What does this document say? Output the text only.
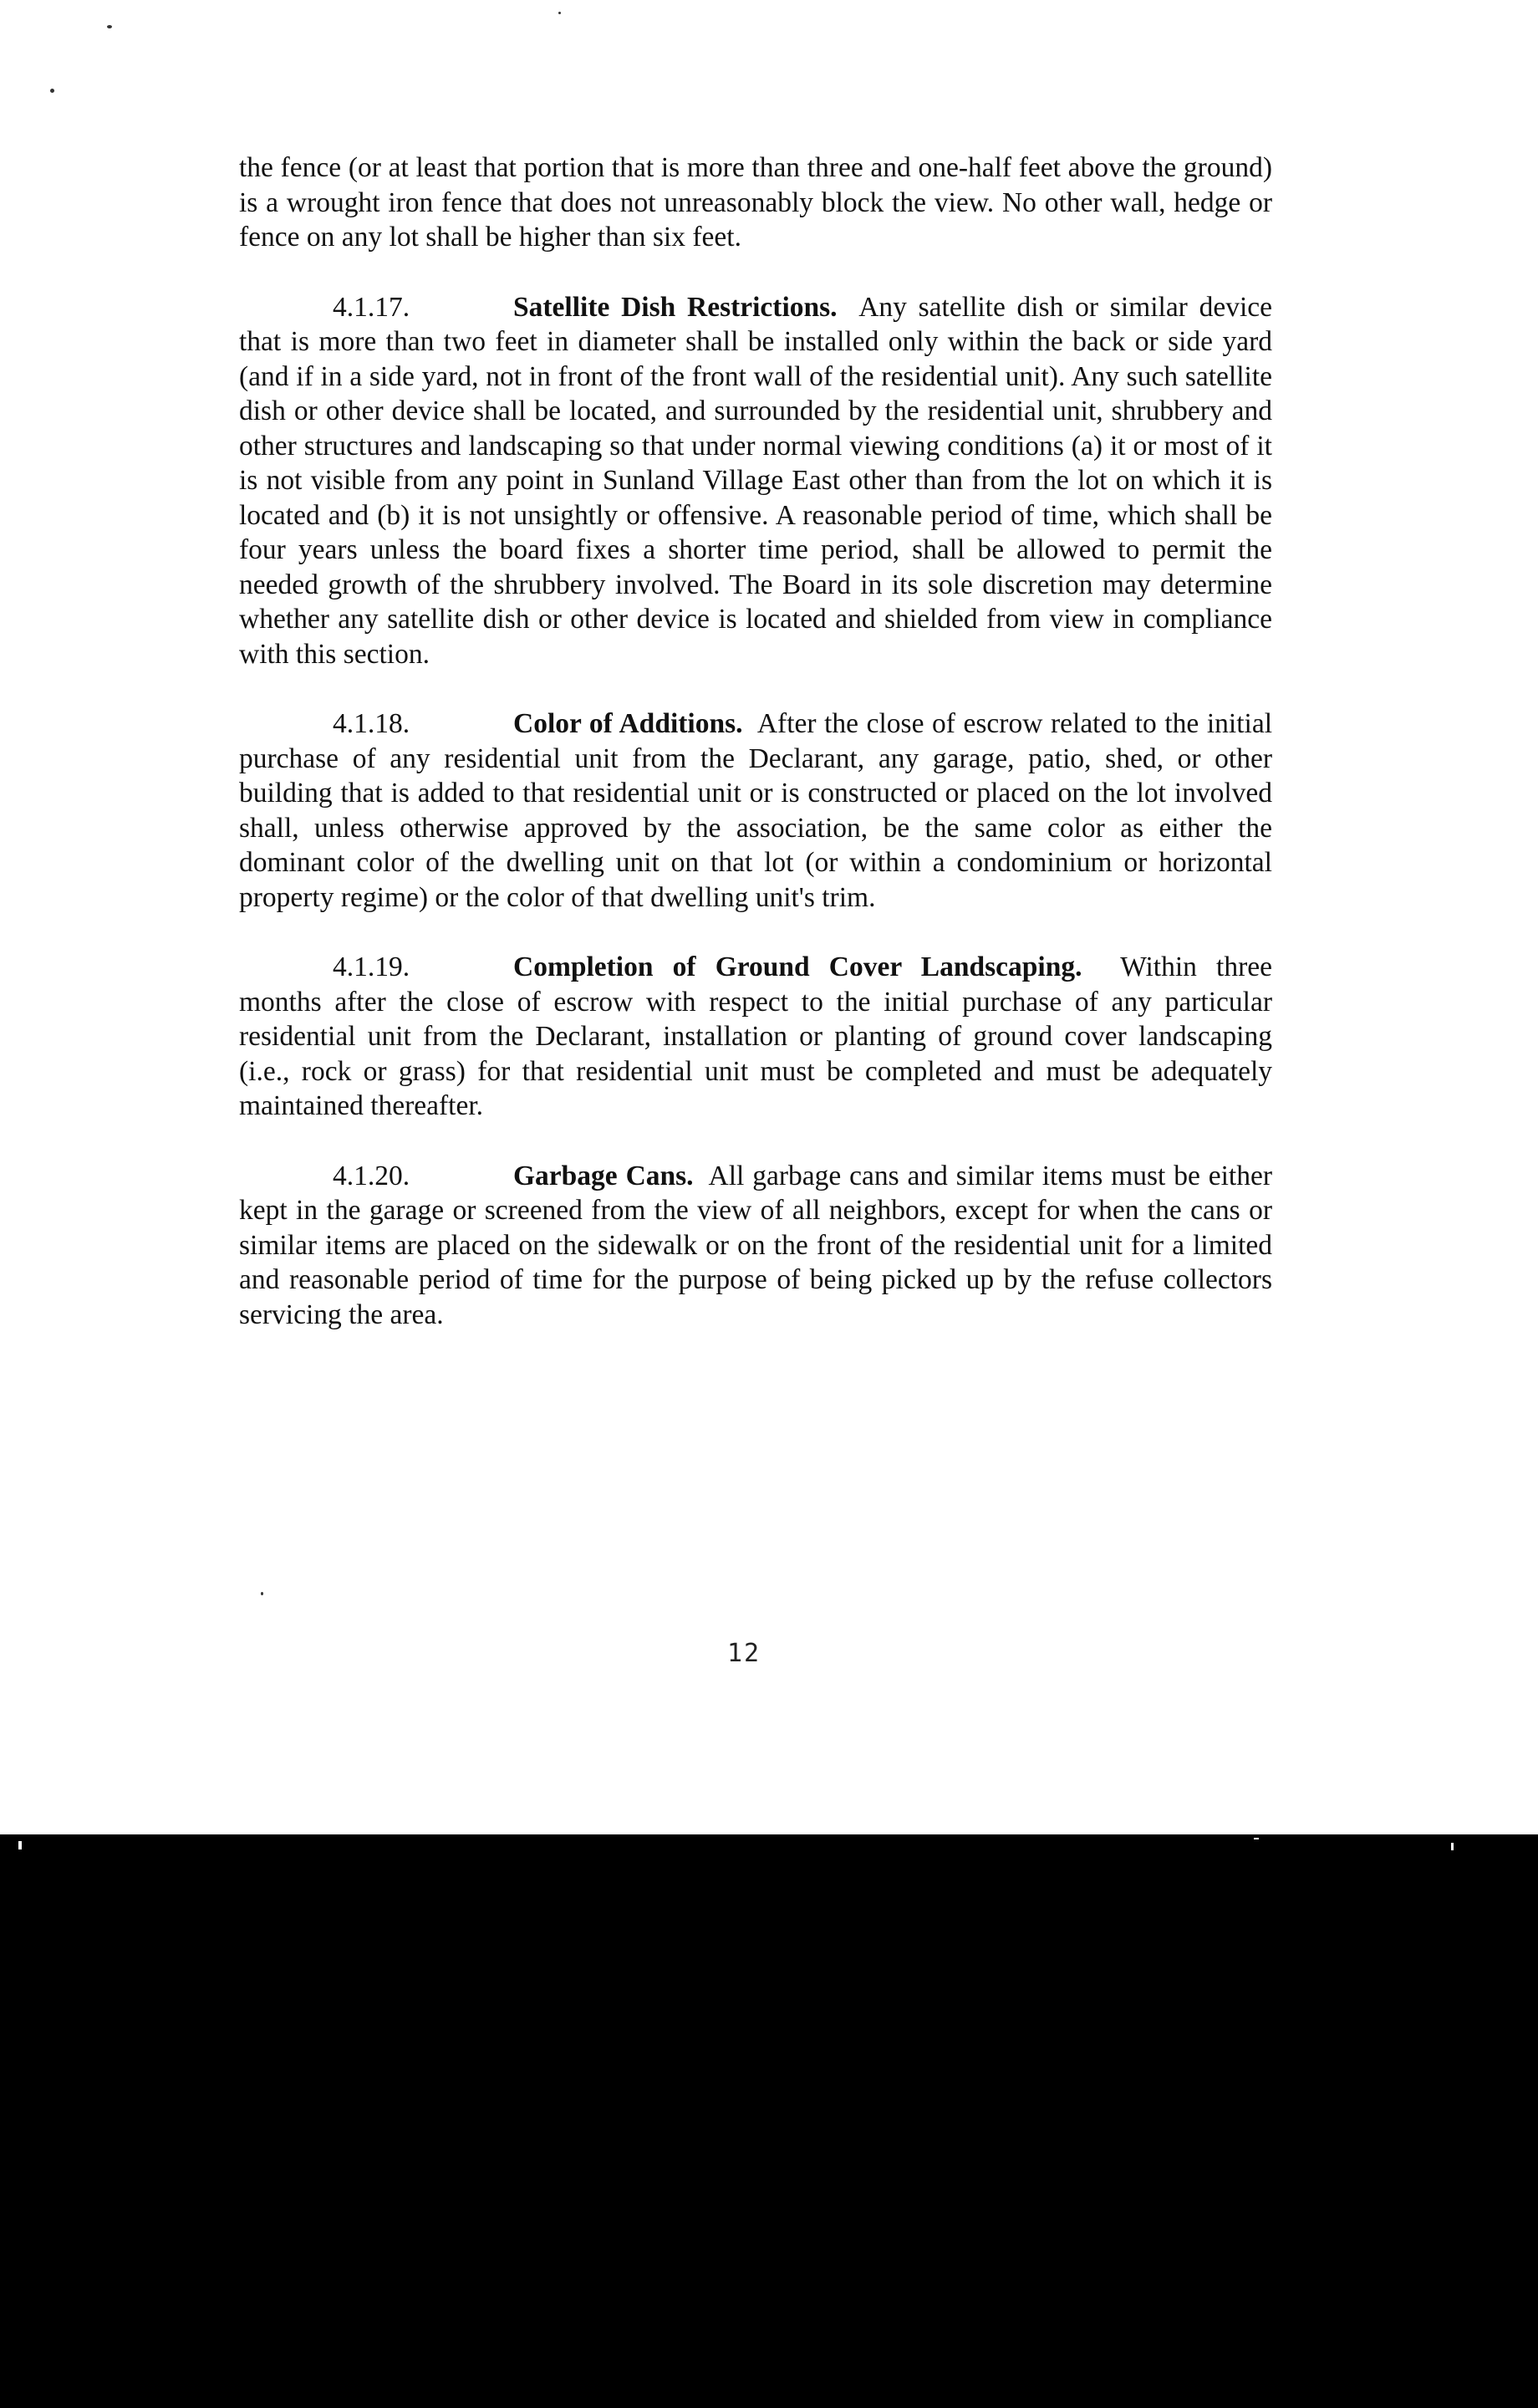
the fence (or at least that portion that is more than three and one-half feet above the ground) is a wrought iron fence that does not unreasonably block the view. No other wall, hedge or fence on any lot shall be higher than six feet.

4.1.17.	Satellite Dish Restrictions. Any satellite dish or similar device that is more than two feet in diameter shall be installed only within the back or side yard (and if in a side yard, not in front of the front wall of the residential unit). Any such satellite dish or other device shall be located, and surrounded by the residential unit, shrubbery and other structures and landscaping so that under normal viewing conditions (a) it or most of it is not visible from any point in Sunland Village East other than from the lot on which it is located and (b) it is not unsightly or offensive. A reasonable period of time, which shall be four years unless the board fixes a shorter time period, shall be allowed to permit the needed growth of the shrubbery involved. The Board in its sole discretion may determine whether any satellite dish or other device is located and shielded from view in compliance with this section.

4.1.18.	Color of Additions. After the close of escrow related to the initial purchase of any residential unit from the Declarant, any garage, patio, shed, or other building that is added to that residential unit or is constructed or placed on the lot involved shall, unless otherwise approved by the association, be the same color as either the dominant color of the dwelling unit on that lot (or within a condominium or horizontal property regime) or the color of that dwelling unit's trim.

4.1.19.	Completion of Ground Cover Landscaping. Within three months after the close of escrow with respect to the initial purchase of any particular residential unit from the Declarant, installation or planting of ground cover landscaping (i.e., rock or grass) for that residential unit must be completed and must be adequately maintained thereafter.

4.1.20.	Garbage Cans. All garbage cans and similar items must be either kept in the garage or screened from the view of all neighbors, except for when the cans or similar items are placed on the sidewalk or on the front of the residential unit for a limited and reasonable period of time for the purpose of being picked up by the refuse collectors servicing the area.

12
